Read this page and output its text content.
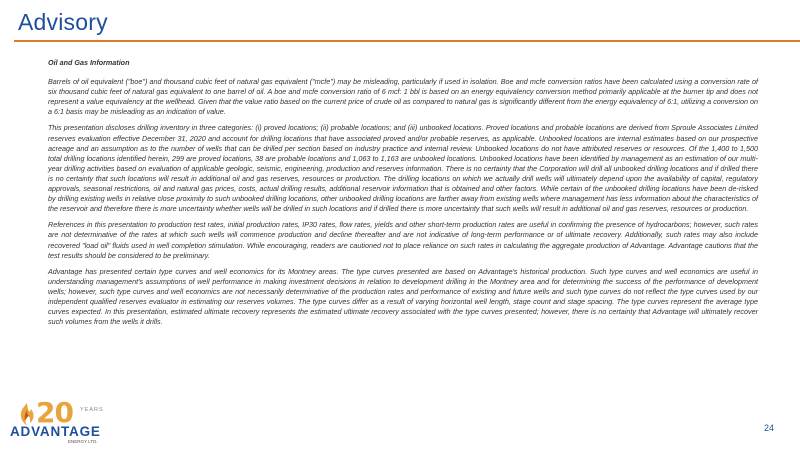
Advisory

Oil and Gas Information

Barrels of oil equivalent ("boe") and thousand cubic feet of natural gas equivalent ("mcfe") may be misleading, particularly if used in isolation. Boe and mcfe conversion ratios have been calculated using a conversion rate of six thousand cubic feet of natural gas equivalent to one barrel of oil. A boe and mcfe conversion ratio of 6 mcf: 1 bbl is based on an energy equivalency conversion method primarily applicable at the burner tip and does not represent a value equivalency at the wellhead. Given that the value ratio based on the current price of crude oil as compared to natural gas is significantly different from the energy equivalency of 6:1, utilizing a conversion on a 6:1 basis may be misleading as an indication of value.

This presentation discloses drilling inventory in three categories: (i) proved locations; (ii) probable locations; and (iii) unbooked locations. Proved locations and probable locations are derived from Sproule Associates Limited reserves evaluation effective December 31, 2020 and account for drilling locations that have associated proved and/or probable reserves, as applicable. Unbooked locations are internal estimates based on our prospective acreage and an assumption as to the number of wells that can be drilled per section based on industry practice and internal review. Unbooked locations do not have attributed reserves or resources. Of the 1,400 to 1,500 total drilling locations identified herein, 299 are proved locations, 38 are probable locations and 1,063 to 1,163 are unbooked locations. Unbooked locations have been identified by management as an estimation of our multi-year drilling activities based on evaluation of applicable geologic, seismic, engineering, production and reserves information. There is no certainty that the Corporation will drill all unbooked drilling locations and if drilled there is no certainty that such locations will result in additional oil and gas reserves, resources or production. The drilling locations on which we actually drill wells will ultimately depend upon the availability of capital, regulatory approvals, seasonal restrictions, oil and natural gas prices, costs, actual drilling results, additional reservoir information that is obtained and other factors. While certain of the unbooked drilling locations have been de-risked by drilling existing wells in relative close proximity to such unbooked drilling locations, other unbooked drilling locations are farther away from existing wells where management has less information about the characteristics of the reservoir and therefore there is more uncertainty whether wells will be drilled in such locations and if drilled there is more uncertainty that such wells will result in additional oil and gas reserves, resources or production.

References in this presentation to production test rates, initial production rates, IP30 rates, flow rates, yields and other short-term production rates are useful in confirming the presence of hydrocarbons; however, such rates are not determinative of the rates at which such wells will commence production and decline thereafter and are not indicative of long-term performance or of ultimate recovery. Additionally, such rates may also include recovered "load oil" fluids used in well completion stimulation. While encouraging, readers are cautioned not to place reliance on such rates in calculating the aggregate production of Advantage. Advantage cautions that the test results should be considered to be preliminary.

Advantage has presented certain type curves and well economics for its Montney areas. The type curves presented are based on Advantage's historical production. Such type curves and well economics are useful in understanding management's assumptions of well performance in making investment decisions in relation to development drilling in the Montney area and for determining the success of the performance of development wells; however, such type curves and well economics are not necessarily determinative of the production rates and performance of existing and future wells and such type curves do not reflect the type curves used by our independent qualified reserves evaluator in estimating our reserves volumes. The type curves differ as a result of varying horizontal well length, stage count and stage spacing. The type curves represent the average type curves expected. In this presentation, estimated ultimate recovery represents the estimated ultimate recovery associated with the type curves presented; however, there is no certainty that Advantage will ultimately recover such volumes from the wells it drills.

20 YEARS
ADVANTAGE
ENERGY LTD.
24
